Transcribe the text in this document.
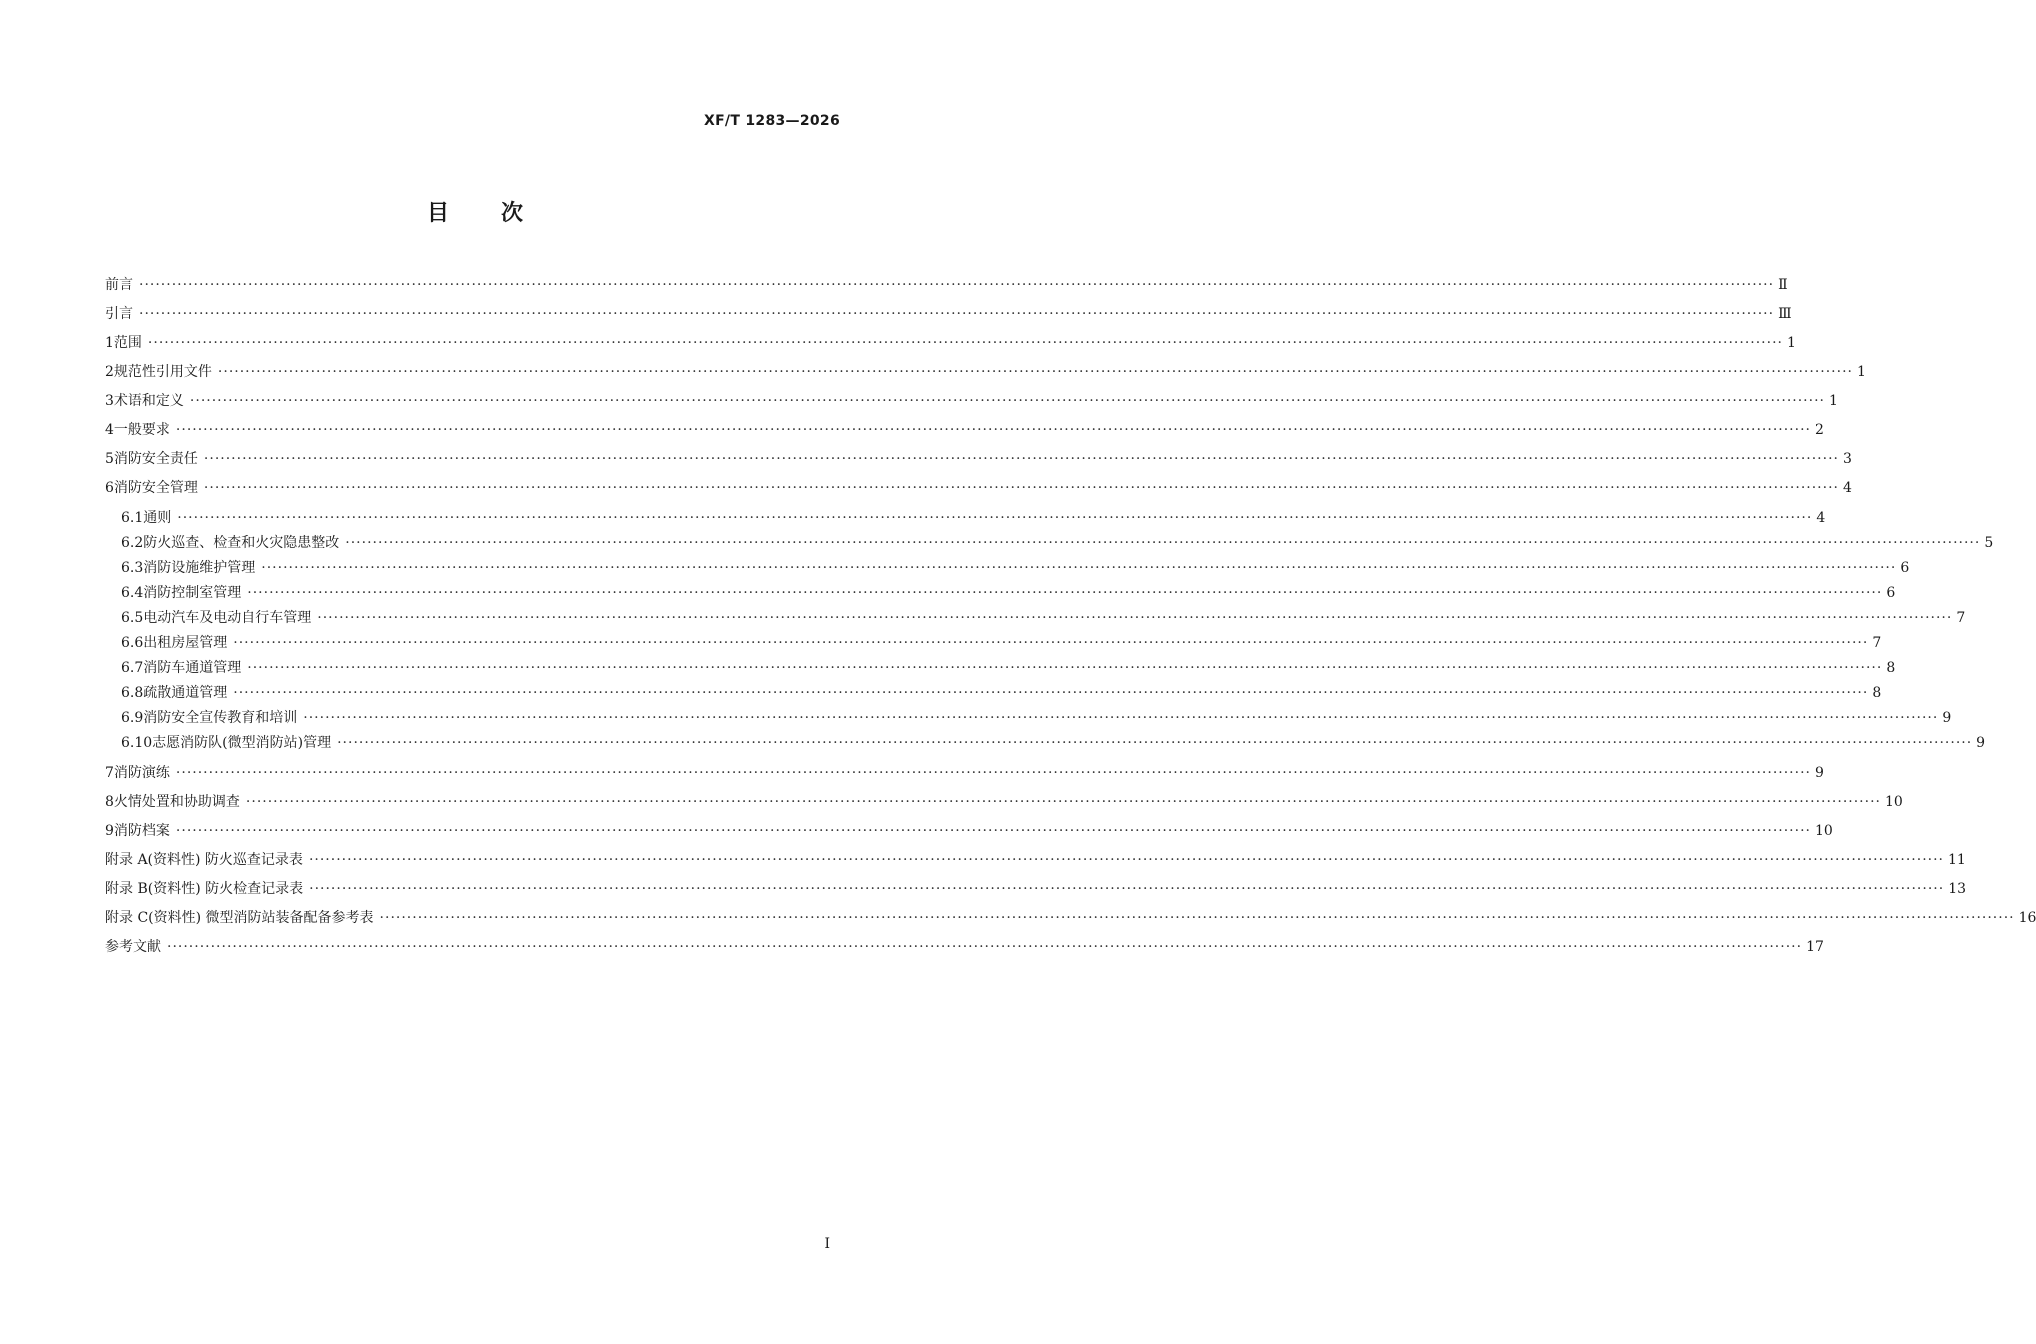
XF/T 1283—2026
目 次
前言 ············································································································································································································································································································ Ⅱ
引言 ············································································································································································································································································································ Ⅲ
1 范围 ············································································································································································································································································································ 1
2 规范性引用文件 ············································································································································································································································································································ 1
3 术语和定义 ············································································································································································································································································································ 1
4 一般要求 ············································································································································································································································································································ 2
5 消防安全责任 ············································································································································································································································································································ 3
6 消防安全管理 ············································································································································································································································································································ 4
6.1 通则 ············································································································································································································································································································ 4
6.2 防火巡查、检查和火灾隐患整改 ············································································································································································································································································································ 5
6.3 消防设施维护管理 ············································································································································································································································································································ 6
6.4 消防控制室管理 ············································································································································································································································································································ 6
6.5 电动汽车及电动自行车管理 ············································································································································································································································································································ 7
6.6 出租房屋管理 ············································································································································································································································································································ 7
6.7 消防车通道管理 ············································································································································································································································································································ 8
6.8 疏散通道管理 ············································································································································································································································································································ 8
6.9 消防安全宣传教育和培训 ············································································································································································································································································································ 9
6.10 志愿消防队(微型消防站)管理 ············································································································································································································································································································ 9
7 消防演练 ············································································································································································································································································································ 9
8 火情处置和协助调查 ············································································································································································································································································································ 10
9 消防档案 ············································································································································································································································································································ 10
附录 A(资料性) 防火巡查记录表 ············································································································································································································································································································ 11
附录 B(资料性) 防火检查记录表 ············································································································································································································································································································ 13
附录 C(资料性) 微型消防站装备配备参考表 ············································································································································································································································································································ 16
参考文献 ············································································································································································································································································································ 17
I
